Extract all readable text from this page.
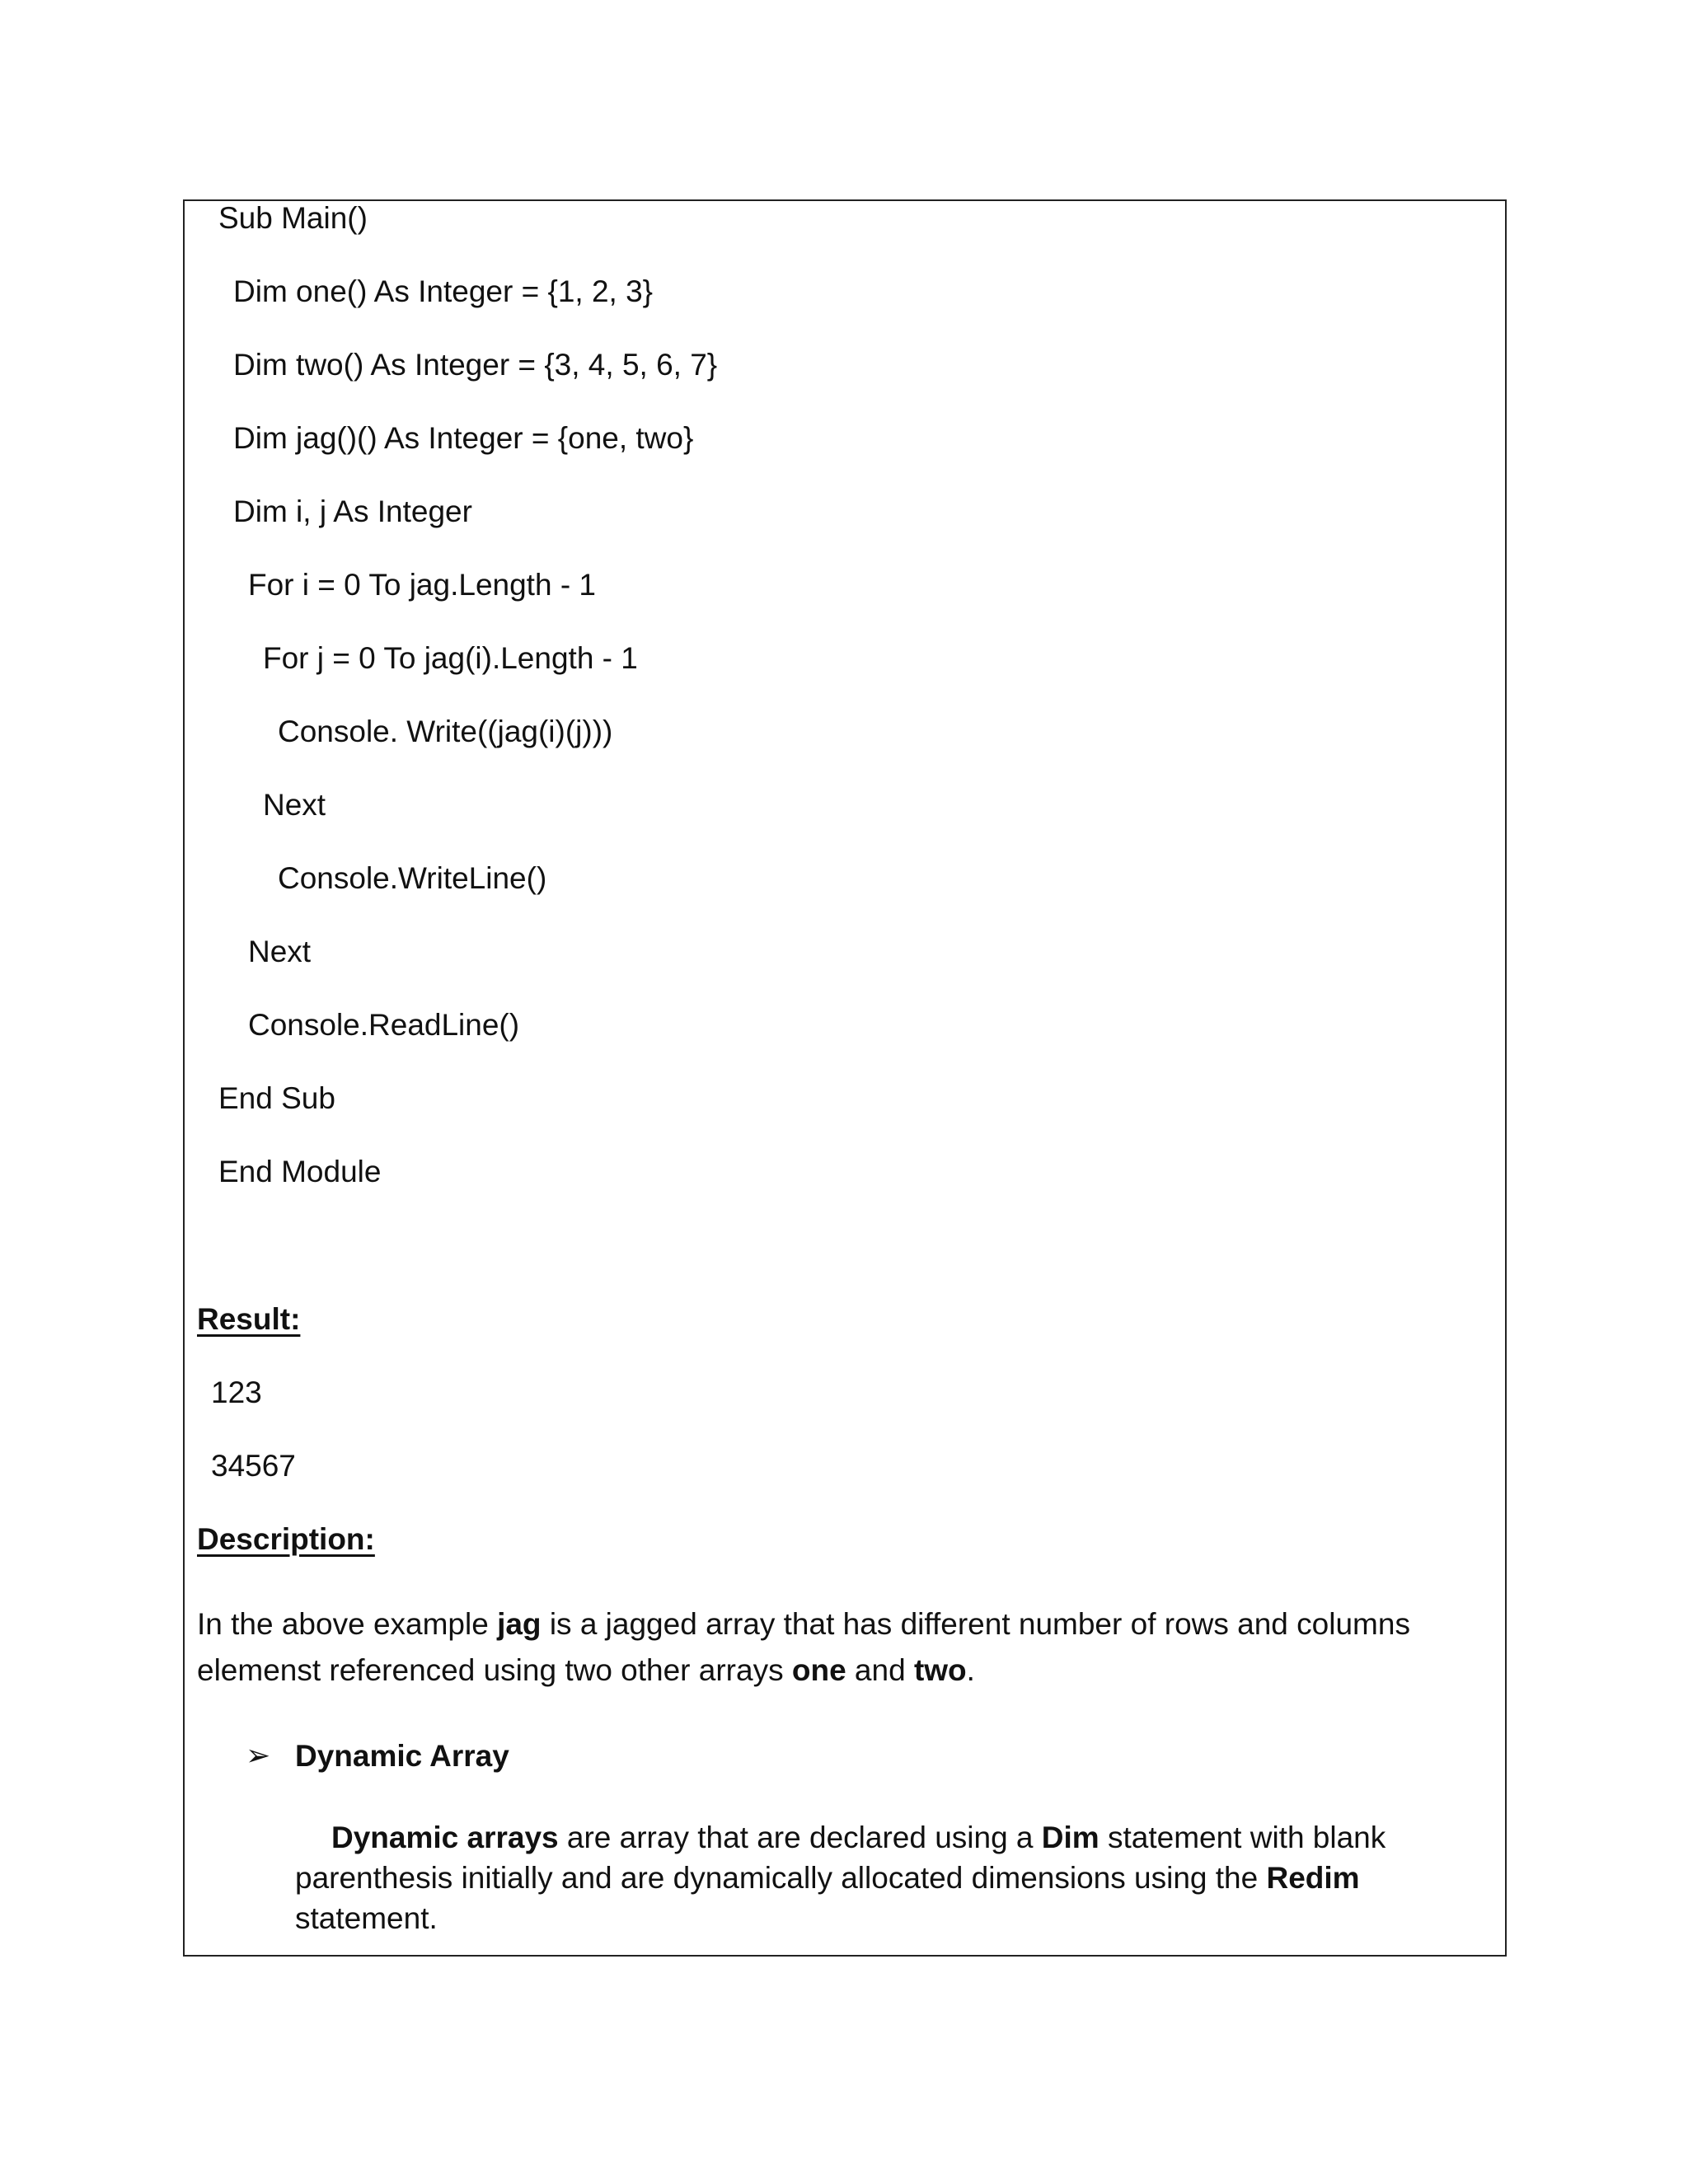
Sub Main()
Dim one() As Integer = {1, 2, 3}
Dim two() As Integer = {3, 4, 5, 6, 7}
Dim jag()() As Integer = {one, two}
Dim i, j As Integer
For i = 0 To jag.Length - 1
For j = 0 To jag(i).Length - 1
Console. Write((jag(i)(j)))
Next
Console.WriteLine()
Next
Console.ReadLine()
End Sub
End Module
Result:
123
34567
Description:
In the above example jag is a jagged array that has different number of rows and columns
elemenst referenced using two other arrays one and two.
➢ Dynamic Array
Dynamic arrays are array that are declared using a Dim statement with blank
parenthesis initially and are dynamically allocated dimensions using the Redim
statement.
